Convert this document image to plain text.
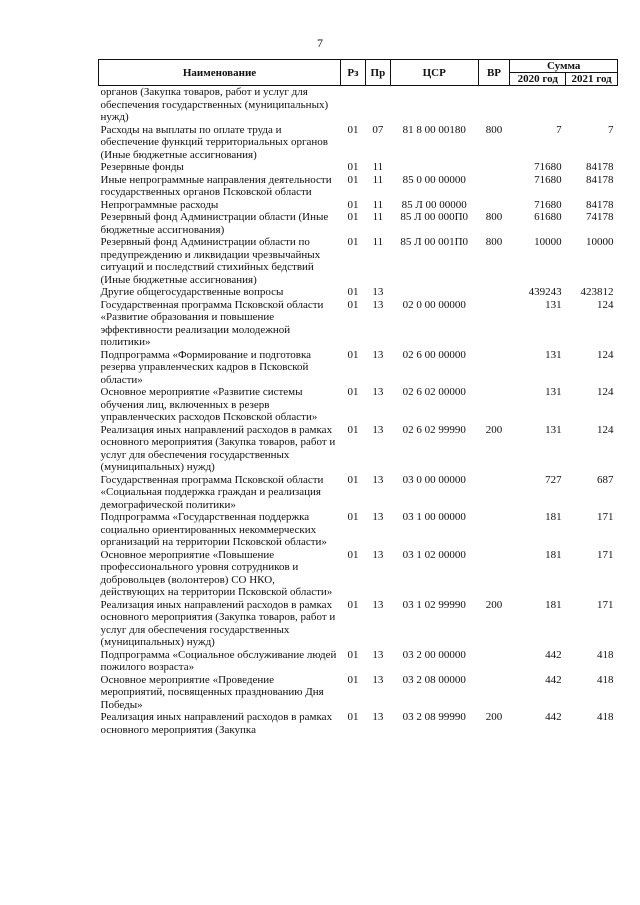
7
Наименование	Рз	Пр	ЦСР	ВР	Сумма	
					2020 год	2021 год
органов (Закупка товаров, работ и услуг для обеспечения государственных (муниципальных) нужд)						
Расходы на выплаты по оплате труда и обеспечение функций территориальных органов (Иные бюджетные ассигнования)	01	07	81 8 00 00180	800	7	7
Резервные фонды	01	11			71680	84178
Иные непрограммные направления деятельности государственных органов Псковской области	01	11	85 0 00 00000		71680	84178
Непрограммные расходы	01	11	85 Л 00 00000		71680	84178
Резервный фонд Администрации области (Иные бюджетные ассигнования)	01	11	85 Л 00 000П0	800	61680	74178
Резервный фонд Администрации области по предупреждению и ликвидации чрезвычайных ситуаций и последствий стихийных бедствий (Иные бюджетные ассигнования)	01	11	85 Л 00 001П0	800	10000	10000
Другие общегосударственные вопросы	01	13			439243	423812
Государственная программа Псковской области «Развитие образования и повышение эффективности реализации молодежной политики»	01	13	02 0 00 00000		131	124
Подпрограмма «Формирование и подготовка резерва управленческих кадров в Псковской области»	01	13	02 6 00 00000		131	124
Основное мероприятие «Развитие системы обучения лиц, включенных в резерв управленческих расходов Псковской области»	01	13	02 6 02 00000		131	124
Реализация иных направлений расходов в рамках основного мероприятия (Закупка товаров, работ и услуг для обеспечения государственных (муниципальных) нужд)	01	13	02 6 02 99990	200	131	124
Государственная программа Псковской области «Социальная поддержка граждан и реализация демографической политики»	01	13	03 0 00 00000		727	687
Подпрограмма «Государственная поддержка социально ориентированных некоммерческих организаций на территории Псковской области»	01	13	03 1 00 00000		181	171
Основное мероприятие «Повышение профессионального уровня сотрудников и добровольцев (волонтеров) СО НКО, действующих на территории Псковской области»	01	13	03 1 02 00000		181	171
Реализация иных направлений расходов в рамках основного мероприятия (Закупка товаров, работ и услуг для обеспечения государственных (муниципальных) нужд)	01	13	03 1 02 99990	200	181	171
Подпрограмма «Социальное обслуживание людей пожилого возраста»	01	13	03 2 00 00000		442	418
Основное мероприятие «Проведение мероприятий, посвященных празднованию Дня Победы»	01	13	03 2 08 00000		442	418
Реализация иных направлений расходов в рамках основного мероприятия (Закупка	01	13	03 2 08 99990	200	442	418
